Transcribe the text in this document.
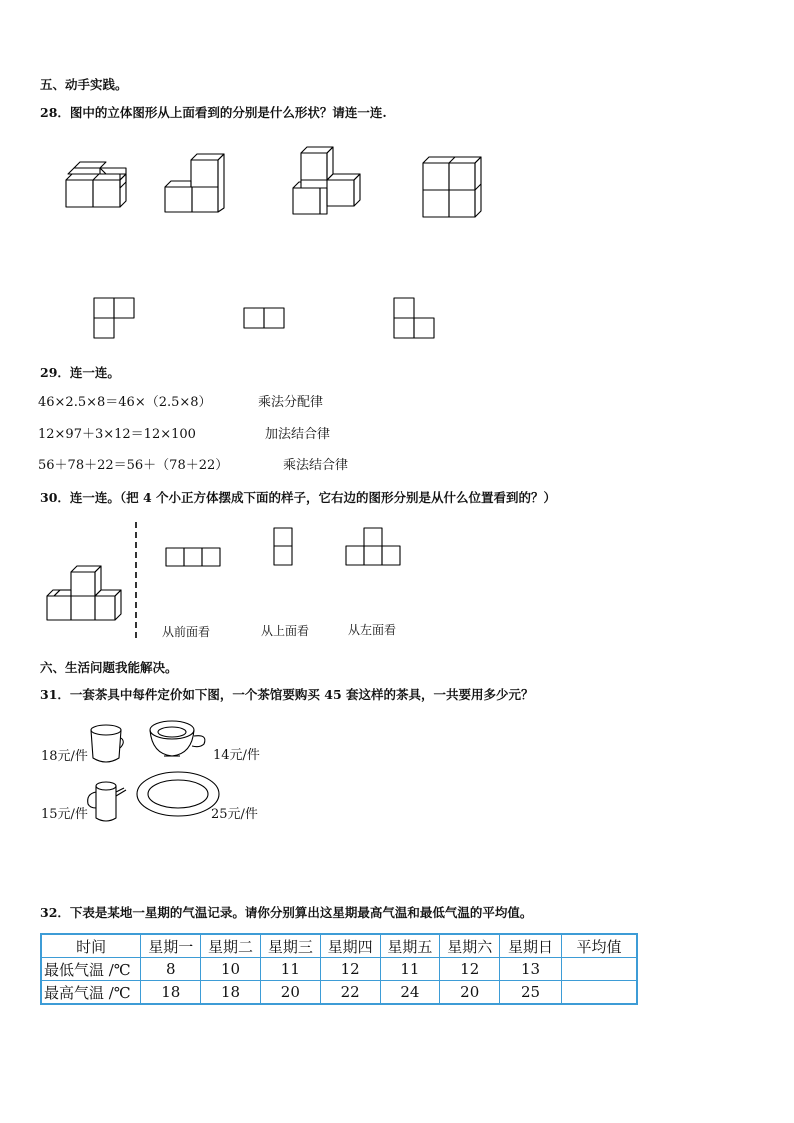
五、动手实践。
28．图中的立体图形从上面看到的分别是什么形状？请连一连.
29．连一连。
46×2.5×8＝46×（2.5×8）
12×97＋3×12＝12×100
56＋78＋22＝56＋（78＋22）
乘法分配律
加法结合律
乘法结合律
30．连一连。（把 4 个小正方体摆成下面的样子，它右边的图形分别是从什么位置看到的？）
从前面看	从上面看	从左面看
六、生活问题我能解决。
31．一套茶具中每件定价如下图，一个茶馆要购买 45 套这样的茶具，一共要用多少元？
18元/件	14元/件
15元/件	25元/件
32．下表是某地一星期的气温记录。请你分别算出这星期最高气温和最低气温的平均值。
时间	星期一	星期二	星期三	星期四	星期五	星期六	星期日	平均值
最低气温 /℃	8	10	11	12	11	12	13	
最高气温 /℃	18	18	20	22	24	20	25	
